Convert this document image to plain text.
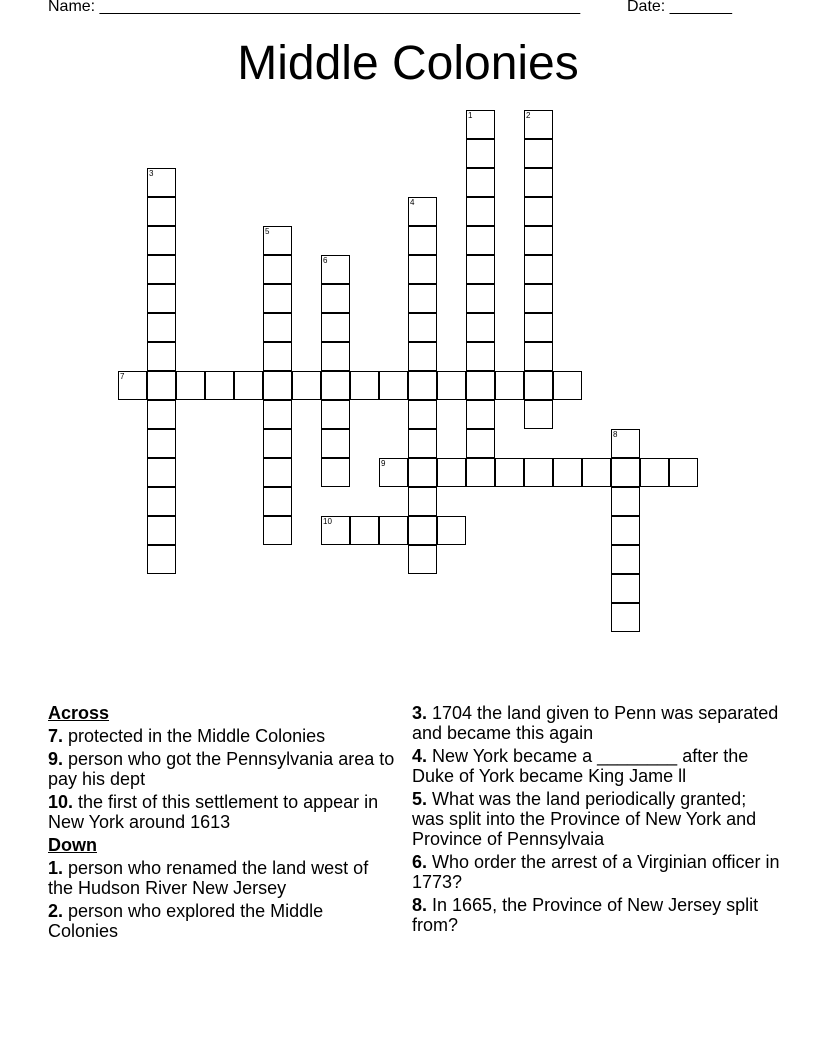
Name: ______________________________________________________	Date: _______
Middle Colonies
1	2
3
4
5
6
7
8
9
10
Across
7. protected in the Middle Colonies
9. person who got the Pennsylvania area to pay his dept
10. the first of this settlement to appear in New York around 1613
Down
1. person who renamed the land west of the Hudson River New Jersey
2. person who explored the Middle Colonies
3. 1704 the land given to Penn was separated and became this again
4. New York became a ________ after the Duke of York became King Jame ll
5. What was the land periodically granted; was split into the Province of New York and Province of Pennsylvaia
6. Who order the arrest of a Virginian officer in 1773?
8. In 1665, the Province of New Jersey split from?
